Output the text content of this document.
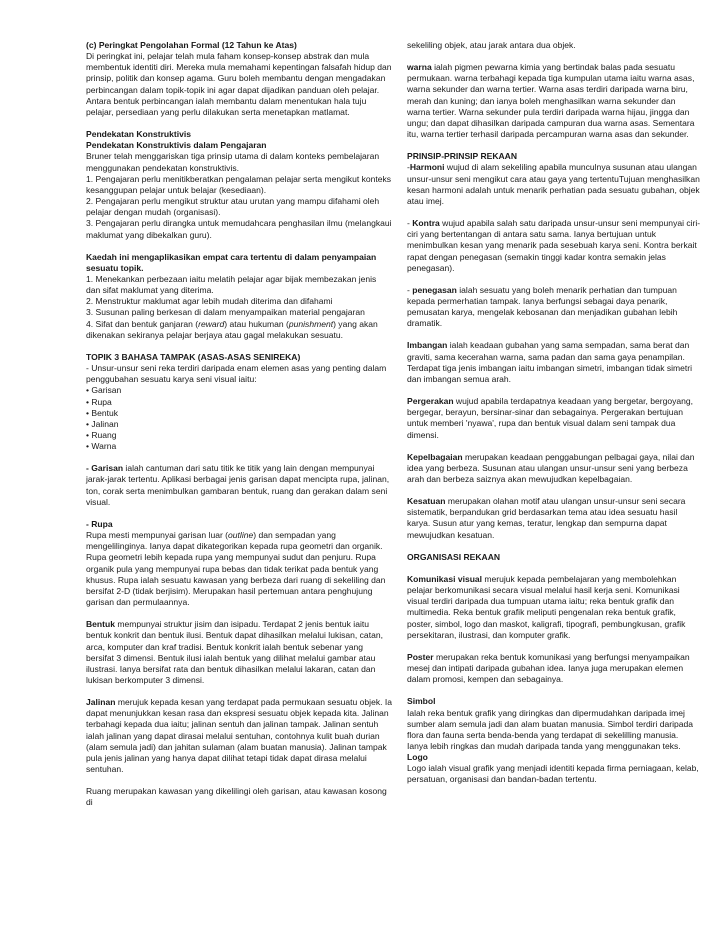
(c) Peringkat Pengolahan Formal (12 Tahun ke Atas)
Di peringkat ini, pelajar telah mula faham konsep-konsep abstrak dan mula membentuk identiti diri. Mereka mula memahami kepentingan falsafah hidup dan prinsip, politik dan konsep agama. Guru boleh membantu dengan mengadakan perbincangan dalam topik-topik ini agar dapat dijadikan panduan oleh pelajar. Antara bentuk perbincangan ialah membantu dalam menentukan hala tuju pelajar, persediaan yang perlu dilakukan serta menetapkan matlamat.

Pendekatan Konstruktivis
Pendekatan Konstruktivis dalam Pengajaran
Bruner telah menggariskan tiga prinsip utama di dalam konteks pembelajaran menggunakan pendekatan konstruktivis.
1. Pengajaran perlu menitikberatkan pengalaman pelajar serta mengikut konteks kesanggupan pelajar untuk belajar (kesediaan).
2. Pengajaran perlu mengikut struktur atau urutan yang mampu difahami oleh pelajar dengan mudah (organisasi).
3. Pengajaran perlu dirangka untuk memudahcara penghasilan ilmu (melangkaui maklumat yang dibekalkan guru).

Kaedah ini mengaplikasikan empat cara tertentu di dalam penyampaian sesuatu topik.
1. Menekankan perbezaan iaitu melatih pelajar agar bijak membezakan jenis dan sifat maklumat yang diterima.
2. Menstruktur maklumat agar lebih mudah diterima dan difahami
3. Susunan paling berkesan di dalam menyampaikan material pengajaran
4. Sifat dan bentuk ganjaran (reward) atau hukuman (punishment) yang akan dikenakan sekiranya pelajar berjaya atau gagal melakukan sesuatu.

TOPIK 3 BAHASA TAMPAK (ASAS-ASAS SENIREKA)
- Unsur-unsur seni reka terdiri daripada enam elemen asas yang penting dalam penggubahan sesuatu karya seni visual iaitu:

• Garisan
• Rupa
• Bentuk
• Jalinan
• Ruang
• Warna

- Garisan ialah cantuman dari satu titik ke titik yang lain dengan mempunyai jarak-jarak tertentu. Aplikasi berbagai jenis garisan dapat mencipta rupa, jalinan, ton, corak serta menimbulkan gambaran bentuk, ruang dan gerakan dalam seni visual.

- Rupa
Rupa mesti mempunyai garisan luar (outline) dan sempadan yang mengelilinginya. Ianya dapat dikategorikan kepada rupa geometri dan organik. Rupa geometri lebih kepada rupa yang mempunyai sudut dan penjuru. Rupa organik pula yang mempunyai rupa bebas dan tidak terikat pada bentuk yang khusus. Rupa ialah sesuatu kawasan yang berbeza dari ruang di sekeliling dan bersifat 2-D (tidak berjisim). Merupakan hasil pertemuan antara penghujung garisan dan permulaannya.

Bentuk mempunyai struktur jisim dan isipadu. Terdapat 2 jenis bentuk iaitu bentuk konkrit dan bentuk ilusi. Bentuk dapat dihasilkan melalui lukisan, catan, arca, komputer dan kraf tradisi. Bentuk konkrit ialah bentuk sebenar yang bersifat 3 dimensi. Bentuk ilusi ialah bentuk yang dilihat melalui gambar atau ilustrasi. Ianya bersifat rata dan bentuk dihasilkan melalui lakaran, catan dan lukisan berkomputer 3 dimensi.

Jalinan merujuk kepada kesan yang terdapat pada permukaan sesuatu objek. Ia dapat menunjukkan kesan rasa dan ekspresi sesuatu objek kepada kita. Jalinan terbahagi kepada dua iaitu; jalinan sentuh dan jalinan tampak. Jalinan sentuh ialah jalinan yang dapat dirasai melalui sentuhan, contohnya kulit buah durian (alam semula jadi) dan jahitan sulaman (alam buatan manusia). Jalinan tampak pula jenis jalinan yang hanya dapat dilihat tetapi tidak dapat dirasa melalui sentuhan.

Ruang merupakan kawasan yang dikelilingi oleh garisan, atau kawasan kosong di

sekeliling objek, atau jarak antara dua objek.

warna ialah pigmen pewarna kimia yang bertindak balas pada sesuatu permukaan. warna terbahagi kepada tiga kumpulan utama iaitu warna asas, warna sekunder dan warna tertier. Warna asas terdiri daripada warna biru, merah dan kuning; dan ianya boleh menghasilkan warna sekunder dan warna tertier. Warna sekunder pula terdiri daripada warna hijau, jingga dan ungu; dan dapat dihasilkan daripada campuran dua warna asas. Sementara itu, warna tertier terhasil daripada percampuran warna asas dan sekunder.

PRINSIP-PRINSIP REKAAN
-Harmoni wujud di alam sekeliling apabila munculnya susunan atau ulangan unsur-unsur seni mengikut cara atau gaya yang tertentuTujuan menghasilkan kesan harmoni adalah untuk menarik perhatian pada sesuatu gubahan, objek atau imej.

- Kontra wujud apabila salah satu daripada unsur-unsur seni mempunyai ciri-ciri yang bertentangan di antara satu sama. Ianya bertujuan untuk menimbulkan kesan yang menarik pada sesebuah karya seni. Kontra berkait rapat dengan penegasan (semakin tinggi kadar kontra semakin jelas penegasan).

- penegasan ialah sesuatu yang boleh menarik perhatian dan tumpuan kepada permerhatian tampak. Ianya berfungsi sebagai daya penarik, pemusatan karya, mengelak kebosanan dan menjadikan gubahan lebih dramatik.

Imbangan ialah keadaan gubahan yang sama sempadan, sama berat dan graviti, sama kecerahan warna, sama padan dan sama gaya penampilan.
Terdapat tiga jenis imbangan iaitu imbangan simetri, imbangan tidak simetri dan imbangan semua arah.

Pergerakan wujud apabila terdapatnya keadaan yang bergetar, bergoyang, bergegar, berayun, bersinar-sinar dan sebagainya. Pergerakan bertujuan untuk memberi 'nyawa', rupa dan bentuk visual dalam seni tampak dua dimensi.

Kepelbagaian merupakan keadaan penggabungan pelbagai gaya, nilai dan idea yang berbeza. Susunan atau ulangan unsur-unsur seni yang berbeza arah dan berbeza saiznya akan mewujudkan kepelbagaian.

Kesatuan merupakan olahan motif atau ulangan unsur-unsur seni secara sistematik, berpandukan grid berdasarkan tema atau idea sesuatu hasil karya. Susun atur yang kemas, teratur, lengkap dan sempurna dapat mewujudkan kesatuan.

ORGANISASI REKAAN

Komunikasi visual merujuk kepada pembelajaran yang membolehkan pelajar berkomunikasi secara visual melalui hasil kerja seni. Komunikasi visual terdiri daripada dua tumpuan utama iaitu; reka bentuk grafik dan multimedia. Reka bentuk grafik meliputi pengenalan reka bentuk grafik, poster, simbol, logo dan maskot, kaligrafi, tipografi, pembungkusan, grafik persekitaran, ilustrasi, dan komputer grafik.

Poster merupakan reka bentuk komunikasi yang berfungsi menyampaikan mesej dan intipati daripada gubahan idea. Ianya juga merupakan elemen dalam promosi, kempen dan sebagainya.

Simbol
Ialah reka bentuk grafik yang diringkas dan dipermudahkan daripada imej sumber alam semula jadi dan alam buatan manusia. Simbol terdiri daripada flora dan fauna serta benda-benda yang terdapat di sekelilling manusia. Ianya lebih ringkas dan mudah daripada tanda yang menggunakan teks.
Logo
Logo ialah visual grafik yang menjadi identiti kepada firma perniagaan, kelab, persatuan, organisasi dan bandan-badan tertentu.
